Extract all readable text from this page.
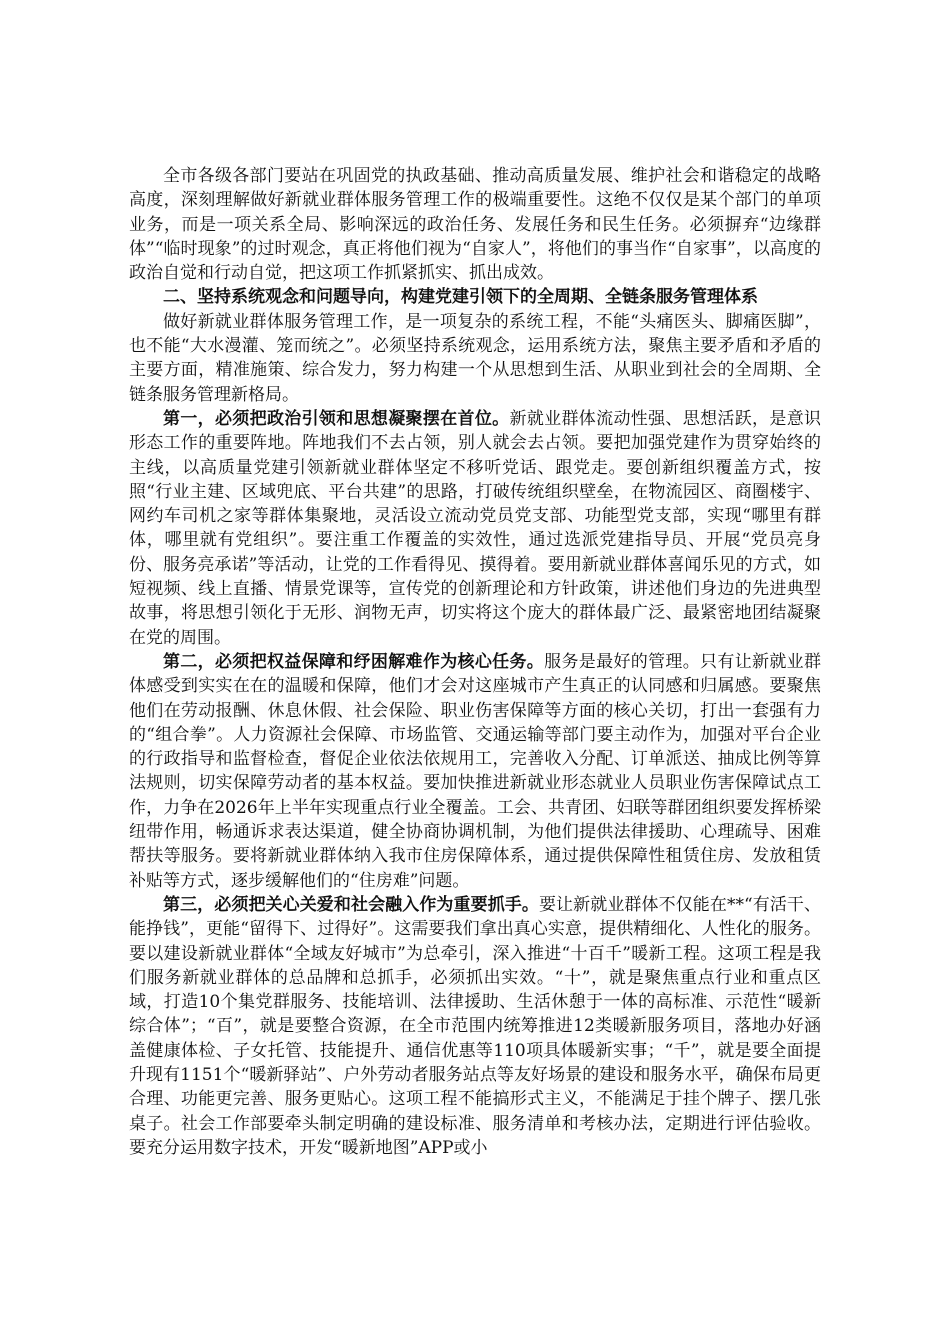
全市各级各部门要站在巩固党的执政基础、推动高质量发展、维护社会和谐稳定的战略高度，深刻理解做好新就业群体服务管理工作的极端重要性。这绝不仅仅是某个部门的单项业务，而是一项关系全局、影响深远的政治任务、发展任务和民生任务。必须摒弃“边缘群体”“临时现象”的过时观念，真正将他们视为“自家人”，将他们的事当作“自家事”，以高度的政治自觉和行动自觉，把这项工作抓紧抓实、抓出成效。

二、坚持系统观念和问题导向，构建党建引领下的全周期、全链条服务管理体系

做好新就业群体服务管理工作，是一项复杂的系统工程，不能“头痛医头、脚痛医脚”，也不能“大水漫灌、笼而统之”。必须坚持系统观念，运用系统方法，聚焦主要矛盾和矛盾的主要方面，精准施策、综合发力，努力构建一个从思想到生活、从职业到社会的全周期、全链条服务管理新格局。

第一，必须把政治引领和思想凝聚摆在首位。新就业群体流动性强、思想活跃，是意识形态工作的重要阵地。阵地我们不去占领，别人就会去占领。要把加强党建作为贯穿始终的主线，以高质量党建引领新就业群体坚定不移听党话、跟党走。要创新组织覆盖方式，按照“行业主建、区域兜底、平台共建”的思路，打破传统组织壁垒，在物流园区、商圈楼宇、网约车司机之家等群体集聚地，灵活设立流动党员党支部、功能型党支部，实现“哪里有群体，哪里就有党组织”。要注重工作覆盖的实效性，通过选派党建指导员、开展“党员亮身份、服务亮承诺”等活动，让党的工作看得见、摸得着。要用新就业群体喜闻乐见的方式，如短视频、线上直播、情景党课等，宣传党的创新理论和方针政策，讲述他们身边的先进典型故事，将思想引领化于无形、润物无声，切实将这个庞大的群体最广泛、最紧密地团结凝聚在党的周围。

第二，必须把权益保障和纾困解难作为核心任务。服务是最好的管理。只有让新就业群体感受到实实在在的温暖和保障，他们才会对这座城市产生真正的认同感和归属感。要聚焦他们在劳动报酬、休息休假、社会保险、职业伤害保障等方面的核心关切，打出一套强有力的“组合拳”。人力资源社会保障、市场监管、交通运输等部门要主动作为，加强对平台企业的行政指导和监督检查，督促企业依法依规用工，完善收入分配、订单派送、抽成比例等算法规则，切实保障劳动者的基本权益。要加快推进新就业形态就业人员职业伤害保障试点工作，力争在2026年上半年实现重点行业全覆盖。工会、共青团、妇联等群团组织要发挥桥梁纽带作用，畅通诉求表达渠道，健全协商协调机制，为他们提供法律援助、心理疏导、困难帮扶等服务。要将新就业群体纳入我市住房保障体系，通过提供保障性租赁住房、发放租赁补贴等方式，逐步缓解他们的“住房难”问题。

第三，必须把关心关爱和社会融入作为重要抓手。要让新就业群体不仅能在**“有活干、能挣钱”，更能“留得下、过得好”。这需要我们拿出真心实意，提供精细化、人性化的服务。要以建设新就业群体“全域友好城市”为总牵引，深入推进“十百千”暖新工程。这项工程是我们服务新就业群体的总品牌和总抓手，必须抓出实效。“十”，就是聚焦重点行业和重点区域，打造10个集党群服务、技能培训、法律援助、生活休憩于一体的高标准、示范性“暖新综合体”；“百”，就是要整合资源，在全市范围内统筹推进12类暖新服务项目，落地办好涵盖健康体检、子女托管、技能提升、通信优惠等110项具体暖新实事；“千”，就是要全面提升现有1151个“暖新驿站”、户外劳动者服务站点等友好场景的建设和服务水平，确保布局更合理、功能更完善、服务更贴心。这项工程不能搞形式主义，不能满足于挂个牌子、摆几张桌子。社会工作部要牵头制定明确的建设标准、服务清单和考核办法，定期进行评估验收。要充分运用数字技术，开发“暖新地图”APP或小
